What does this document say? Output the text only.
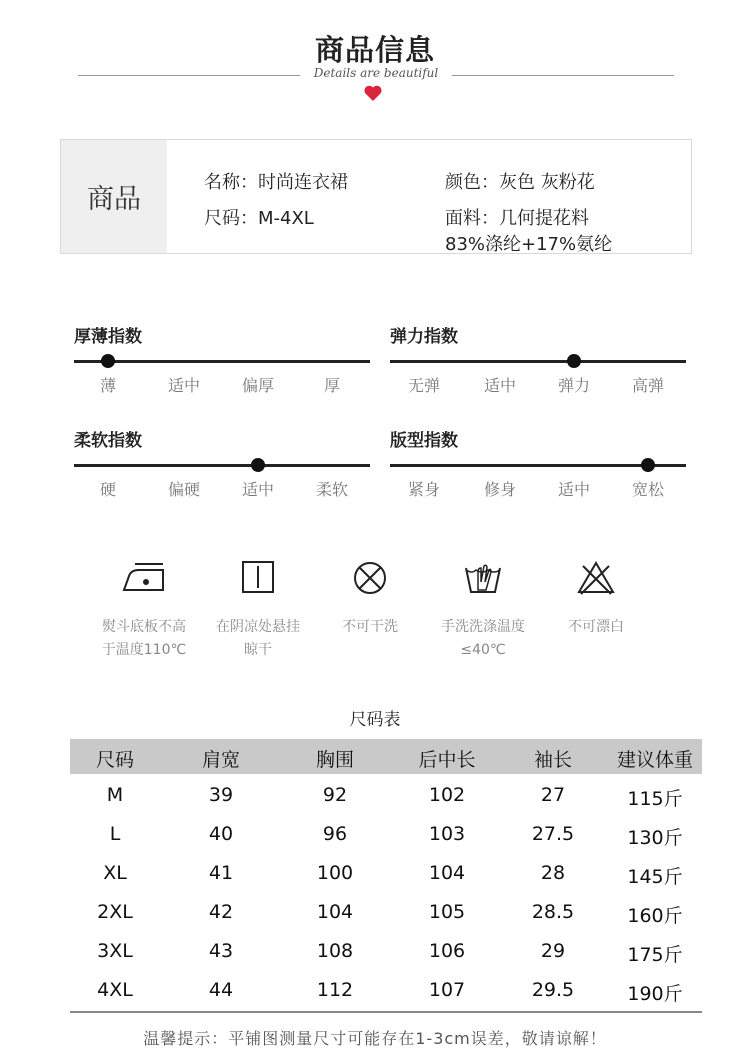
商品信息
Details are beautiful
商品
名称：时尚连衣裙
尺码：M-4XL
颜色：灰色 灰粉花
面料：几何提花料
83%涤纶+17%氨纶
厚薄指数
薄	适中	偏厚	厚
弹力指数
无弹	适中	弹力	高弹
柔软指数
硬	偏硬	适中	柔软
版型指数
紧身	修身	适中	宽松
熨斗底板不高
于温度110℃
在阴凉处悬挂
晾干
不可干洗	手洗洗涤温度
≤40℃
不可漂白
尺码表
尺码	肩宽	胸围	后中长	袖长	建议体重
M	39	92	102	27	115斤
L	40	96	103	27.5	130斤
XL	41	100	104	28	145斤
2XL	42	104	105	28.5	160斤
3XL	43	108	106	29	175斤
4XL	44	112	107	29.5	190斤
温馨提示：平铺图测量尺寸可能存在1-3cm误差，敬请谅解！
